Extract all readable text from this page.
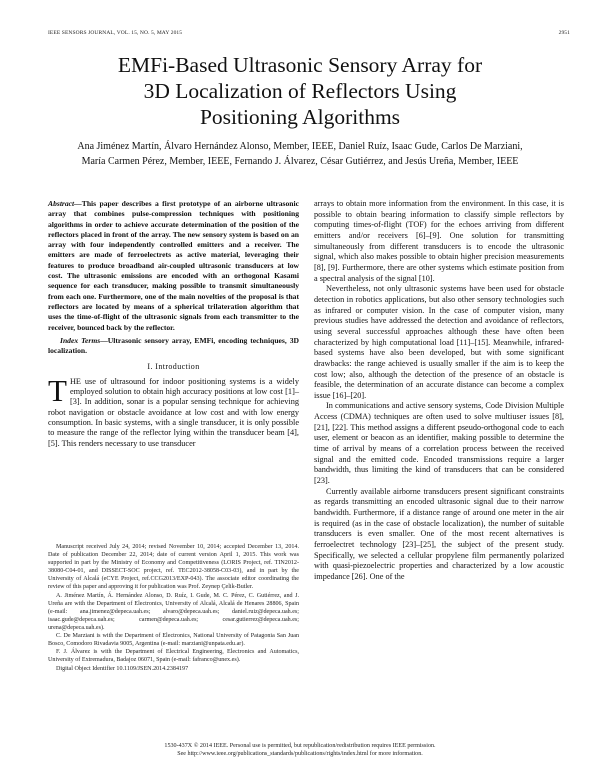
IEEE SENSORS JOURNAL, VOL. 15, NO. 5, MAY 2015	2951
EMFi-Based Ultrasonic Sensory Array for
3D Localization of Reflectors Using
Positioning Algorithms
Ana Jiménez Martín, Álvaro Hernández Alonso, Member, IEEE, Daniel Ruíz, Isaac Gude, Carlos De Marziani,
María Carmen Pérez, Member, IEEE, Fernando J. Álvarez, César Gutiérrez, and Jesús Ureña, Member, IEEE
Abstract—This paper describes a first prototype of an airborne ultrasonic array that combines pulse-compression techniques with positioning algorithms in order to achieve accurate determination of the position of the reflectors placed in front of the array. The new sensory system is based on an array with four independently controlled emitters and a receiver. The emitters are made of ferroelectrets as active material, leveraging their features to produce broadband air-coupled ultrasonic transducers at low cost. The ultrasonic emissions are encoded with an orthogonal Kasami sequence for each transducer, making possible to transmit simultaneously from each one. Furthermore, one of the main novelties of the proposal is that reflectors are located by means of a spherical trilateration algorithm that uses the time-of-flight of the ultrasonic signals from each transmitter to the receiver, bounced back by the reflector.
Index Terms—Ultrasonic sensory array, EMFi, encoding techniques, 3D localization.
I. Introduction
THE use of ultrasound for indoor positioning systems is a widely employed solution to obtain high accuracy positions at low cost [1]–[3]. In addition, sonar is a popular sensing technique for achieving robot navigation or obstacle avoidance at low cost and with low energy consumption. In basic systems, with a single transducer, it is only possible to measure the range of the reflector lying within the transducer beam [4], [5]. This renders necessary to use transducer

Manuscript received July 24, 2014; revised November 10, 2014; accepted December 13, 2014. Date of publication December 22, 2014; date of current version April 1, 2015. This work was supported in part by the Ministry of Economy and Competitiveness (LORIS Project, ref. TIN2012-38080-C04-01, and DISSECT-SOC project, ref. TEC2012-38058-C03-03), and in part by the University of Alcalá (eCYE Project, ref.CCG2013/EXP-043). The associate editor coordinating the review of this paper and approving it for publication was Prof. Zeynep Çelik-Butler.

A. Jiménez Martín, Á. Hernández Alonso, D. Ruíz, I. Gude, M. C. Pérez, C. Gutiérrez, and J. Ureña are with the Department of Electronics, University of Alcalá, Alcalá de Henares 28806, Spain (e-mail: ana.jimenez@depeca.uah.es; alvaro@depeca.uah.es; daniel.ruiz@depeca.uah.es; isaac.gude@depeca.uah.es; carmen@depeca.uah.es; cesar.gutierrez@depeca.uah.es; urena@depeca.uah.es).

C. De Marziani is with the Department of Electronics, National University of Patagonia San Juan Bosco, Comodoro Rivadavia 9005, Argentina (e-mail: marziani@unpata.edu.ar).

F. J. Álvarez is with the Department of Electrical Engineering, Electronics and Automatics, University of Extremadura, Badajoz 06071, Spain (e-mail: fafranco@unex.es).

Digital Object Identifier 10.1109/JSEN.2014.2384197

arrays to obtain more information from the environment. In this case, it is possible to obtain bearing information to classify simple reflectors by computing times-of-flight (TOF) for the echoes arriving from different emitters and/or receivers [6]–[9]. One solution for transmitting simultaneously from different transducers is to encode the ultrasonic signal, which also makes possible to obtain higher precision measurements [8], [9]. Furthermore, there are other systems which estimate position from a spectral analysis of the signal [10].

Nevertheless, not only ultrasonic systems have been used for obstacle detection in robotics applications, but also other sensory technologies such as infrared or computer vision. In the case of computer vision, many previous studies have addressed the detection and avoidance of reflectors, using several successful approaches although these have often been characterized by high computational load [11]–[15]. Meanwhile, infrared-based systems have also been developed, but with some significant drawbacks: the range achieved is usually smaller if the aim is to keep the cost low; also, although the detection of the presence of an obstacle is feasible, the determination of an accurate distance can become a complex issue [16]–[20].

In communications and active sensory systems, Code Division Multiple Access (CDMA) techniques are often used to solve multiuser issues [8], [21], [22]. This method assigns a different pseudo-orthogonal code to each user, element or beacon as an identifier, making possible to determine the time of arrival by means of a correlation process between the received signal and the emitted code. Encoded transmissions require a larger bandwidth, thus limiting the kind of transducers that can be considered [23].

Currently available airborne transducers present significant constraints as regards transmitting an encoded ultrasonic signal due to their narrow bandwidth. Furthermore, if a distance range of around one meter in the air is required (as in the case of obstacle localization), the number of suitable transducers is even smaller. One of the most recent alternatives is ferroelectret technology [23]–[25], the subject of the present study. Specifically, we selected a cellular propylene film permanently polarized with quasi-piezoelectric properties and characterized by a low acoustic impedance [26]. One of the

1530-437X © 2014 IEEE. Personal use is permitted, but republication/redistribution requires IEEE permission.
See http://www.ieee.org/publications_standards/publications/rights/index.html for more information.
